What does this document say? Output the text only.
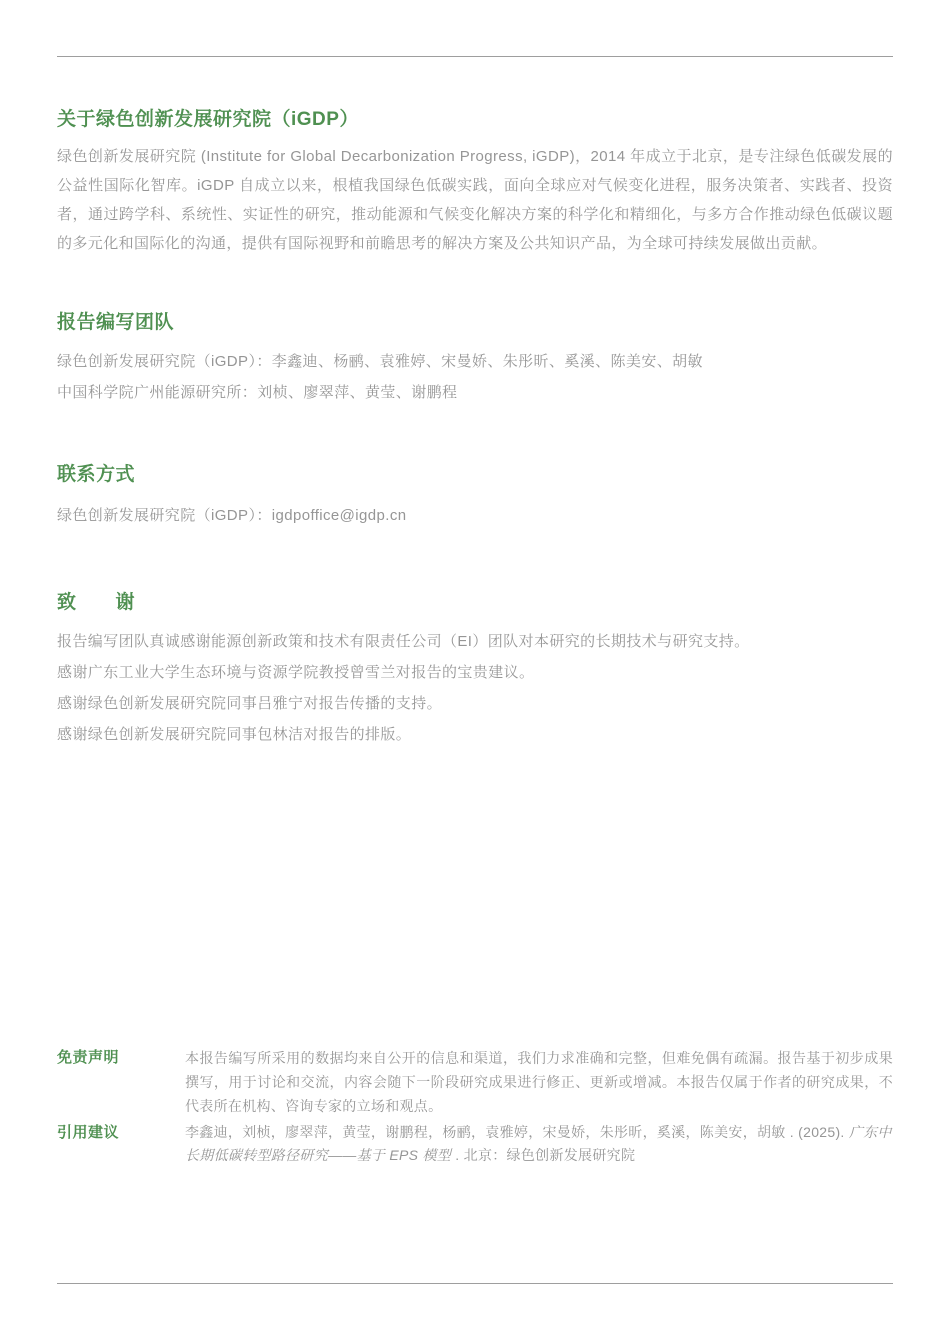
关于绿色创新发展研究院（iGDP）
绿色创新发展研究院 (Institute for Global Decarbonization Progress, iGDP)，2014 年成立于北京，是专注绿色低碳发展的公益性国际化智库。iGDP 自成立以来，根植我国绿色低碳实践，面向全球应对气候变化进程，服务决策者、实践者、投资者，通过跨学科、系统性、实证性的研究，推动能源和气候变化解决方案的科学化和精细化，与多方合作推动绿色低碳议题的多元化和国际化的沟通，提供有国际视野和前瞻思考的解决方案及公共知识产品，为全球可持续发展做出贡献。
报告编写团队
绿色创新发展研究院（iGDP）：李鑫迪、杨鹂、袁雅婷、宋曼娇、朱彤昕、奚溪、陈美安、胡敏
中国科学院广州能源研究所：刘桢、廖翠萍、黄莹、谢鹏程
联系方式
绿色创新发展研究院（iGDP）：igdpoffice@igdp.cn
致　　谢
报告编写团队真诚感谢能源创新政策和技术有限责任公司（EI）团队对本研究的长期技术与研究支持。
感谢广东工业大学生态环境与资源学院教授曾雪兰对报告的宝贵建议。
感谢绿色创新发展研究院同事吕雅宁对报告传播的支持。
感谢绿色创新发展研究院同事包林洁对报告的排版。
免责声明	本报告编写所采用的数据均来自公开的信息和渠道，我们力求准确和完整，但难免偶有疏漏。报告基于初步成果撰写，用于讨论和交流，内容会随下一阶段研究成果进行修正、更新或增减。本报告仅属于作者的研究成果，不代表所在机构、咨询专家的立场和观点。
引用建议	李鑫迪，刘桢，廖翠萍，黄莹，谢鹏程，杨鹂，袁雅婷，宋曼娇，朱彤昕，奚溪，陈美安，胡敏 . (2025). 广东中长期低碳转型路径研究——基于 EPS 模型 . 北京：绿色创新发展研究院
